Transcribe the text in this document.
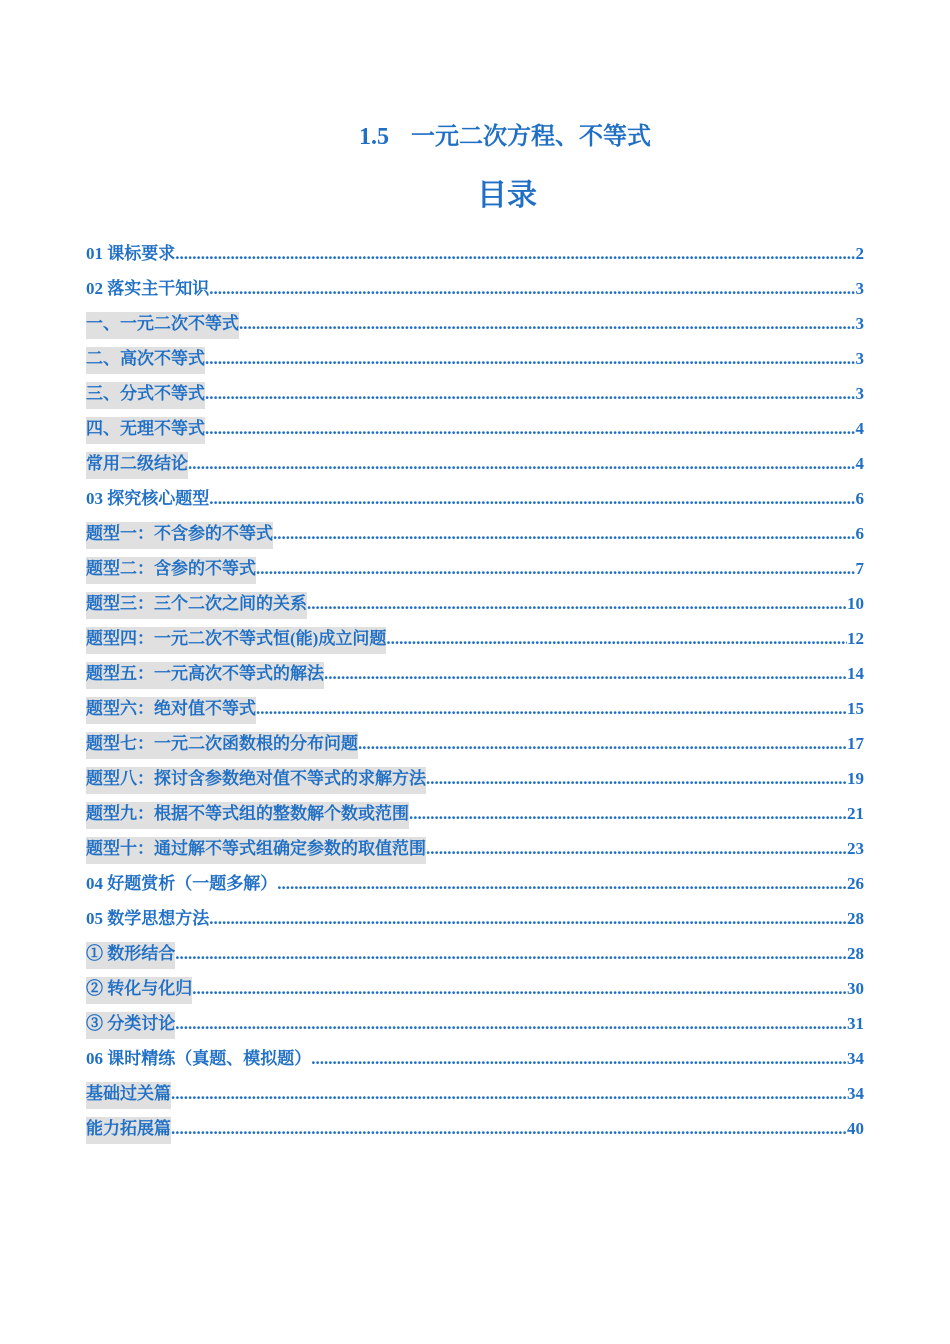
1.5 一元二次方程、不等式
目录
01 课标要求 .....	2
02 落实主干知识 .....	3
一、一元二次不等式 .....	3
二、高次不等式 .....	3
三、分式不等式 .....	3
四、无理不等式 .....	4
常用二级结论 .....	4
03 探究核心题型 .....	6
题型一：不含参的不等式 .....	6
题型二：含参的不等式 .....	7
题型三：三个二次之间的关系 .....	10
题型四：一元二次不等式恒(能)成立问题 .....	12
题型五：一元高次不等式的解法 .....	14
题型六：绝对值不等式 .....	15
题型七：一元二次函数根的分布问题 .....	17
题型八：探讨含参数绝对值不等式的求解方法 .....	19
题型九：根据不等式组的整数解个数或范围 .....	21
题型十：通过解不等式组确定参数的取值范围 .....	23
04 好题赏析（一题多解） .....	26
05 数学思想方法 .....	28
① 数形结合 .....	28
② 转化与化归 .....	30
③ 分类讨论 .....	31
06 课时精练（真题、模拟题） .....	34
基础过关篇 .....	34
能力拓展篇 .....	40
